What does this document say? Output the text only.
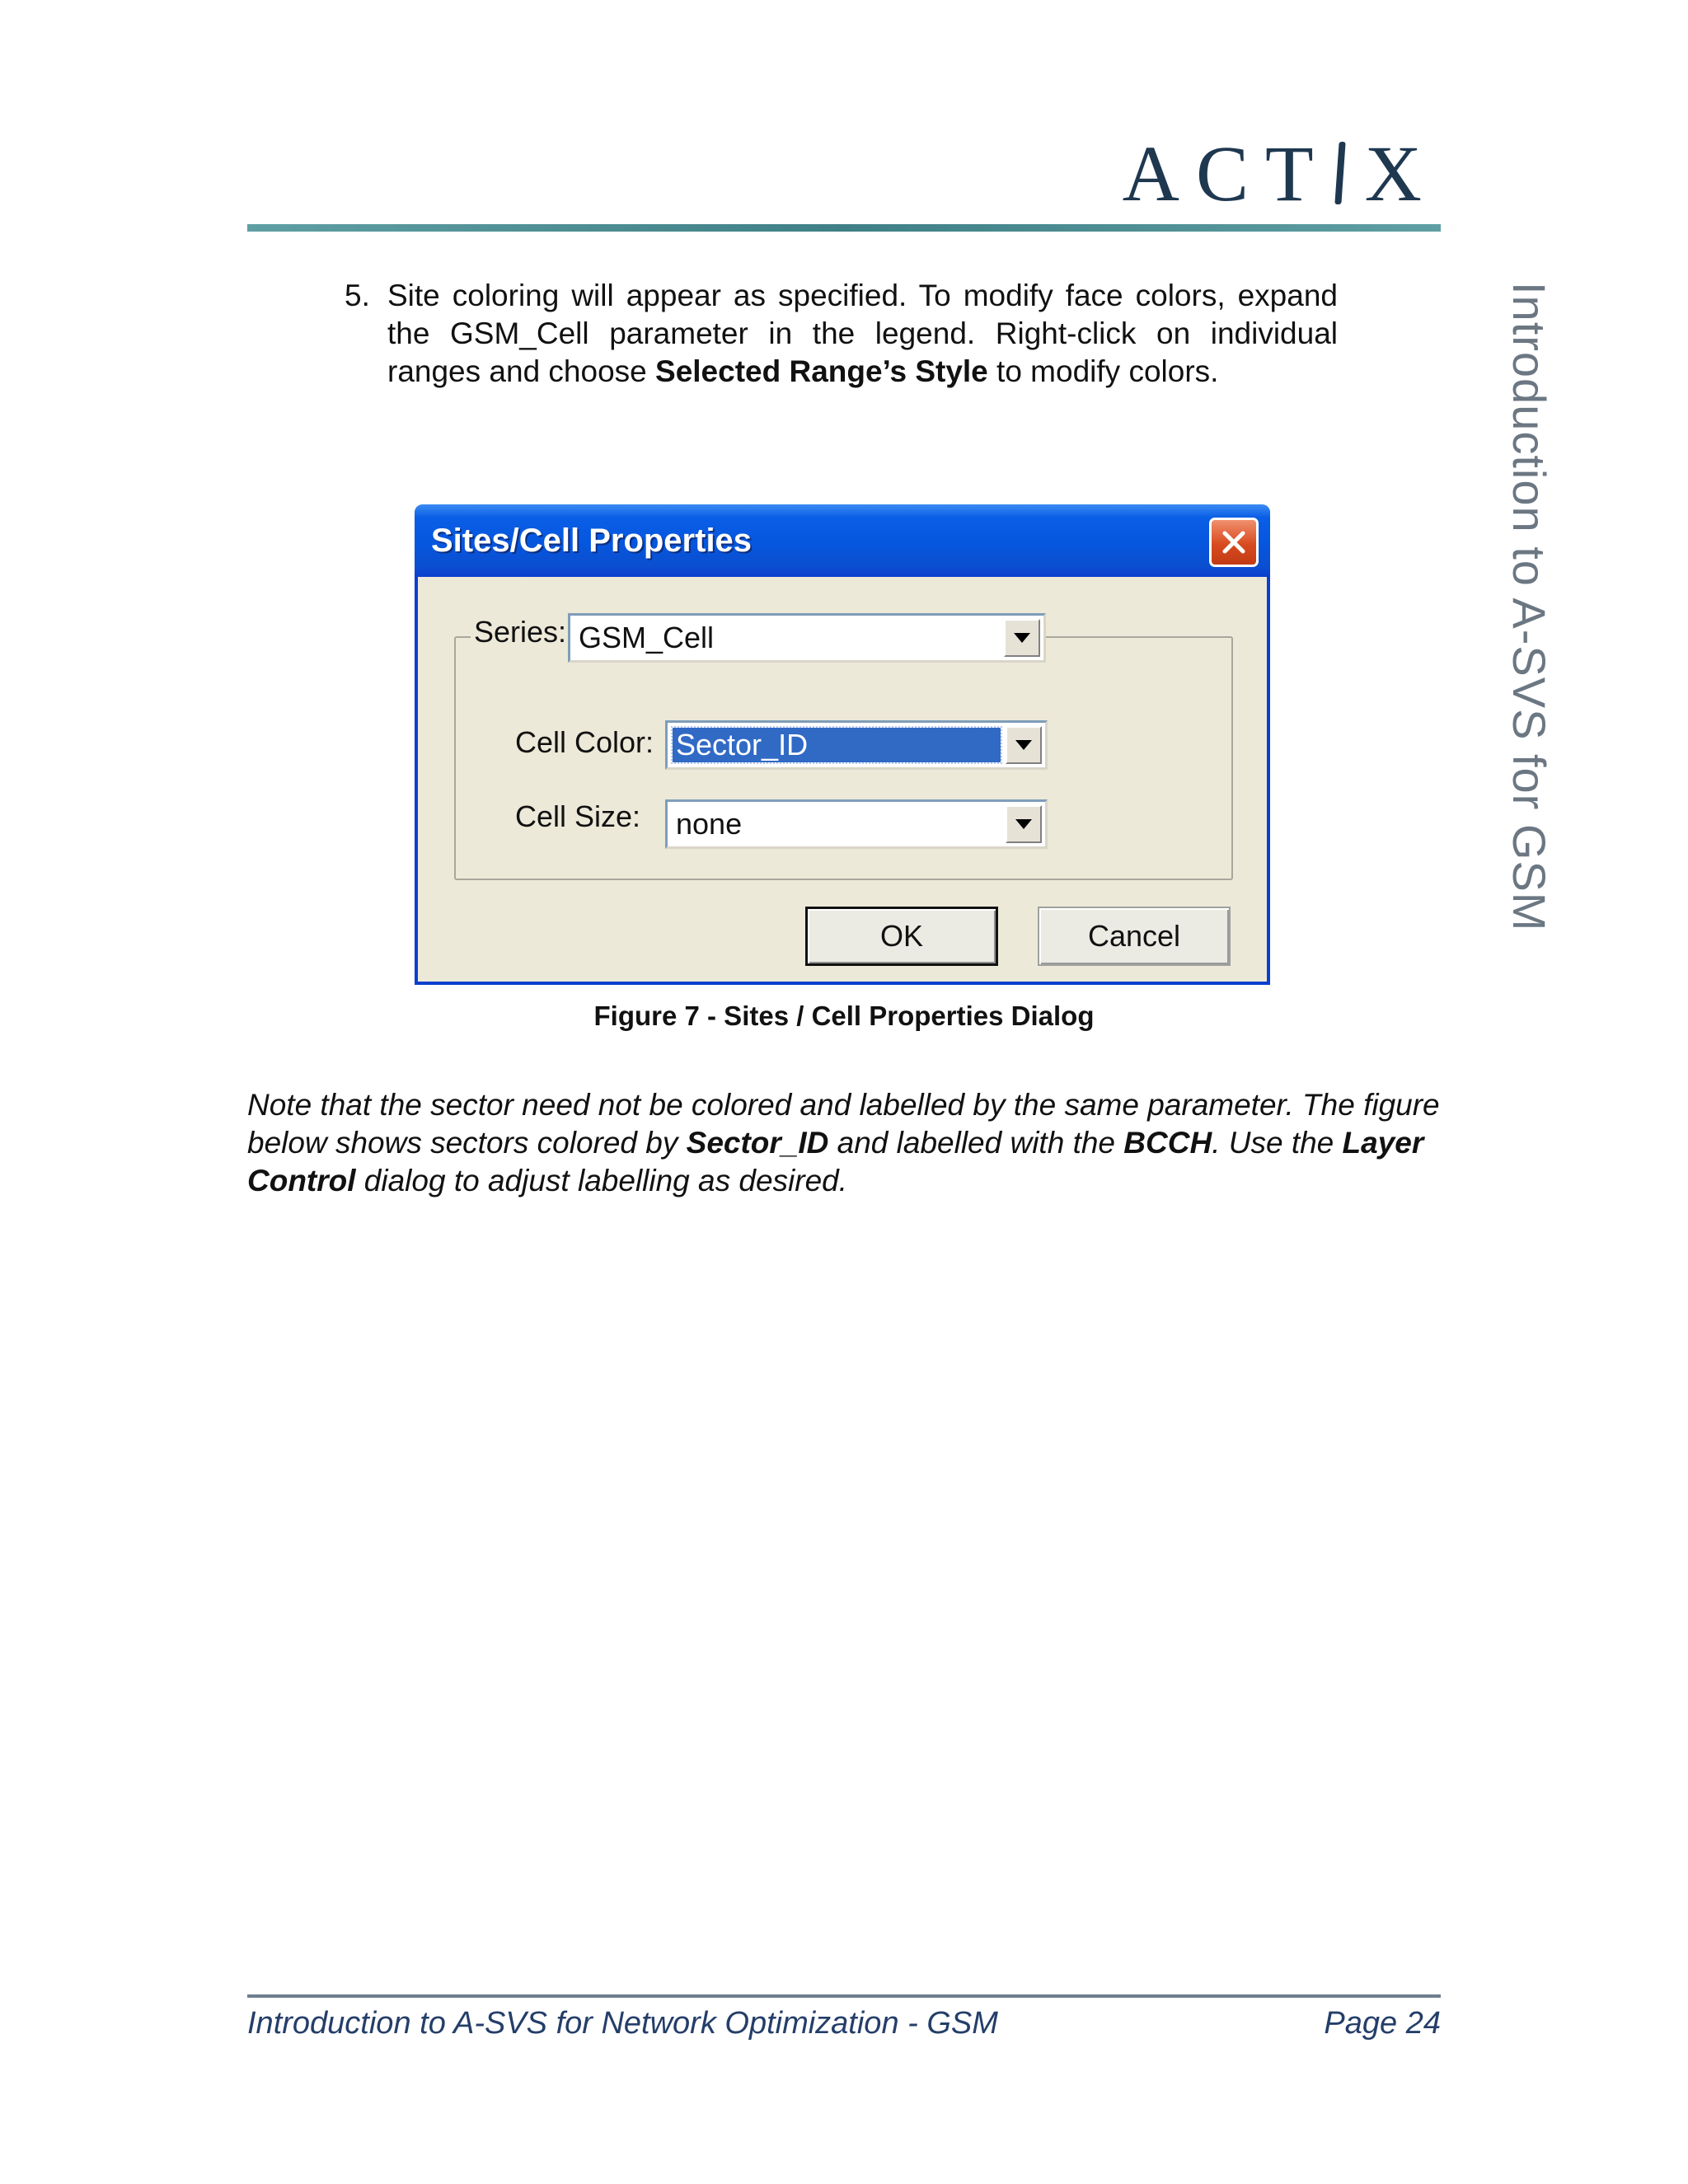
ACT X
Introduction to A-SVS for GSM
5. Site coloring will appear as specified. To modify face colors, expand the GSM_Cell parameter in the legend. Right-click on individual ranges and choose Selected Range’s Style to modify colors.
Sites/Cell Properties
Series: GSM_Cell
Cell Color: Sector_ID
Cell Size: none
OK	Cancel
Figure 7 - Sites / Cell Properties Dialog
Note that the sector need not be colored and labelled by the same parameter. The figure below shows sectors colored by Sector_ID and labelled with the BCCH. Use the Layer Control dialog to adjust labelling as desired.
Introduction to A-SVS for Network Optimization - GSM	Page 24
